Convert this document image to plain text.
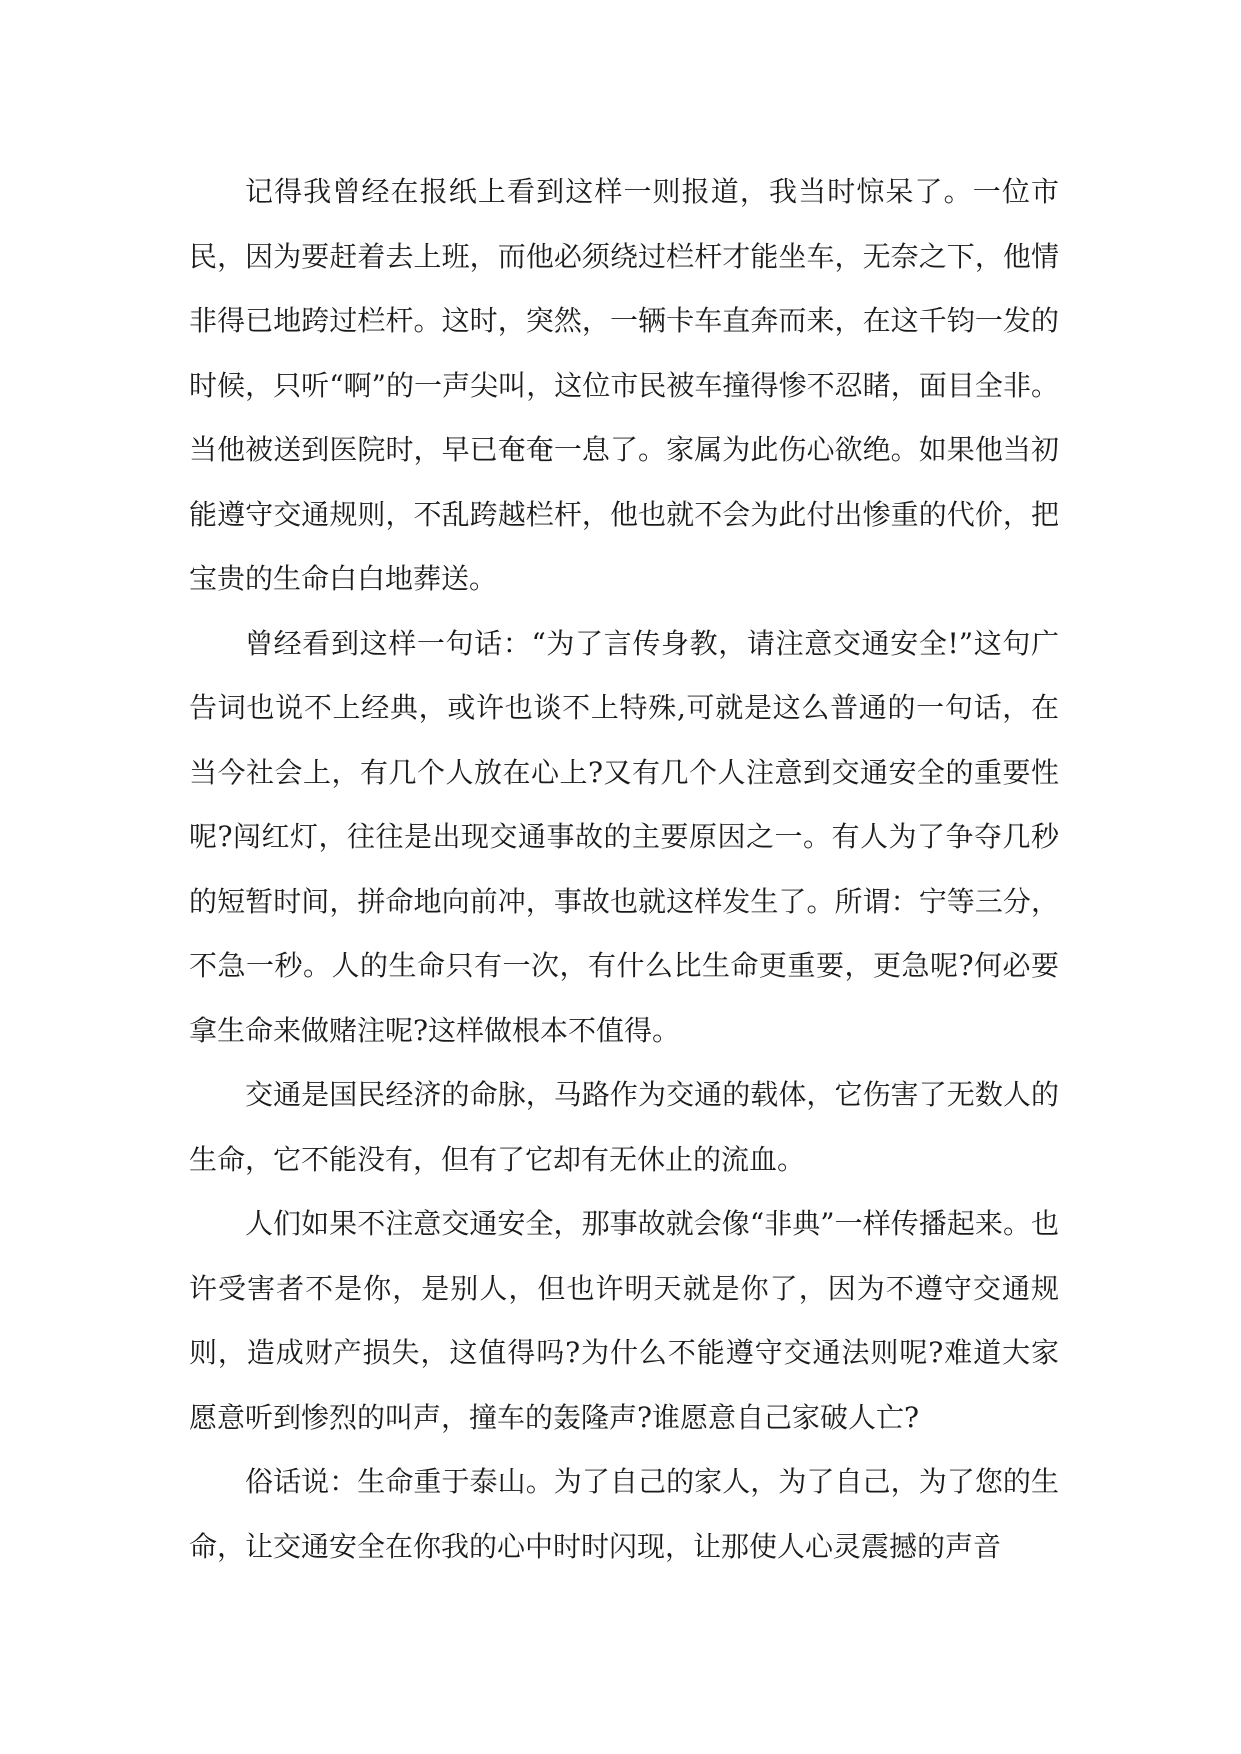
记得我曾经在报纸上看到这样一则报道，我当时惊呆了。一位市民，因为要赶着去上班，而他必须绕过栏杆才能坐车，无奈之下，他情非得已地跨过栏杆。这时，突然，一辆卡车直奔而来，在这千钧一发的时候，只听“啊”的一声尖叫，这位市民被车撞得惨不忍睹，面目全非。当他被送到医院时，早已奄奄一息了。家属为此伤心欲绝。如果他当初能遵守交通规则，不乱跨越栏杆，他也就不会为此付出惨重的代价，把宝贵的生命白白地葬送。

曾经看到这样一句话：“为了言传身教，请注意交通安全!”这句广告词也说不上经典，或许也谈不上特殊,可就是这么普通的一句话，在当今社会上，有几个人放在心上?又有几个人注意到交通安全的重要性呢?闯红灯，往往是出现交通事故的主要原因之一。有人为了争夺几秒的短暂时间，拼命地向前冲，事故也就这样发生了。所谓：宁等三分，不急一秒。人的生命只有一次，有什么比生命更重要，更急呢?何必要拿生命来做赌注呢?这样做根本不值得。

交通是国民经济的命脉，马路作为交通的载体，它伤害了无数人的生命，它不能没有，但有了它却有无休止的流血。

人们如果不注意交通安全，那事故就会像“非典”一样传播起来。也许受害者不是你，是别人，但也许明天就是你了，因为不遵守交通规则，造成财产损失，这值得吗?为什么不能遵守交通法则呢?难道大家愿意听到惨烈的叫声，撞车的轰隆声?谁愿意自己家破人亡?

俗话说：生命重于泰山。为了自己的家人，为了自己，为了您的生命，让交通安全在你我的心中时时闪现，让那使人心灵震撼的声音
